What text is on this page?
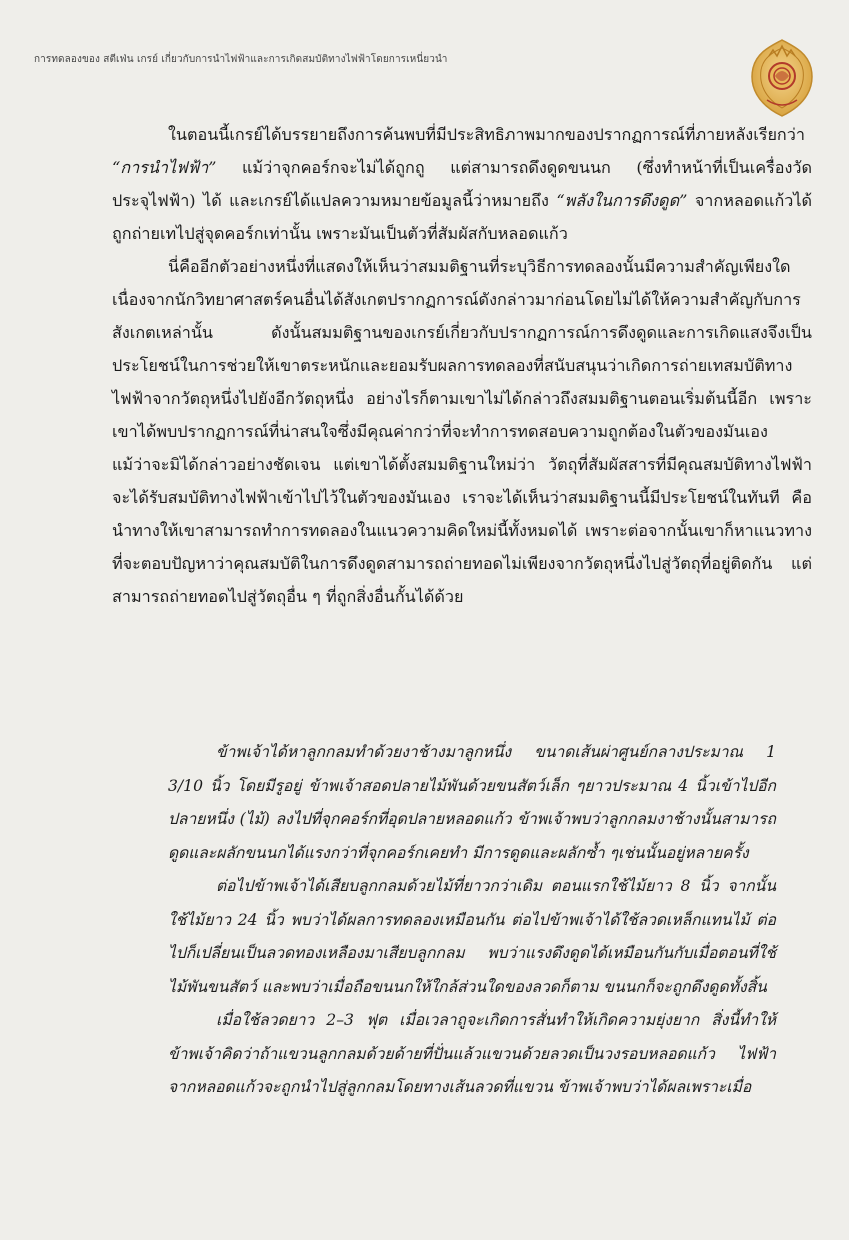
การทดลองของ สตีเฟ่น เกรย์ เกี่ยวกับการนำไฟฟ้าและการเกิดสมบัติทางไฟฟ้าโดยการเหนี่ยวนำ

ในตอนนี้เกรย์ได้บรรยายถึงการค้นพบที่มีประสิทธิภาพมากของปรากฏการณ์ที่ภายหลังเรียกว่า “การนำไฟฟ้า” แม้ว่าจุกคอร์กจะไม่ได้ถูกถู แต่สามารถดึงดูดขนนก (ซึ่งทำหน้าที่เป็นเครื่องวัดประจุไฟฟ้า) ได้ และเกรย์ได้แปลความหมายข้อมูลนี้ว่าหมายถึง “พลังในการดึงดูด” จากหลอดแก้วได้ถูกถ่ายเทไปสู่จุดคอร์กเท่านั้น เพราะมันเป็นตัวที่สัมผัสกับหลอดแก้ว

นี่คืออีกตัวอย่างหนึ่งที่แสดงให้เห็นว่าสมมติฐานที่ระบุวิธีการทดลองนั้นมีความสำคัญเพียงใด เนื่องจากนักวิทยาศาสตร์คนอื่นได้สังเกตปรากฏการณ์ดังกล่าวมาก่อนโดยไม่ได้ให้ความสำคัญกับการสังเกตเหล่านั้น ดังนั้นสมมติฐานของเกรย์เกี่ยวกับปรากฏการณ์การดึงดูดและการเกิดแสงจึงเป็นประโยชน์ในการช่วยให้เขาตระหนักและยอมรับผลการทดลองที่สนับสนุนว่าเกิดการถ่ายเทสมบัติทางไฟฟ้าจากวัตถุหนึ่งไปยังอีกวัตถุหนึ่ง อย่างไรก็ตามเขาไม่ได้กล่าวถึงสมมติฐานตอนเริ่มต้นนี้อีก เพราะเขาได้พบปรากฏการณ์ที่น่าสนใจซึ่งมีคุณค่ากว่าที่จะทำการทดสอบความถูกต้องในตัวของมันเอง แม้ว่าจะมิได้กล่าวอย่างชัดเจน แต่เขาได้ตั้งสมมติฐานใหม่ว่า วัตถุที่สัมผัสสารที่มีคุณสมบัติทางไฟฟ้าจะได้รับสมบัติทางไฟฟ้าเข้าไปไว้ในตัวของมันเอง เราจะได้เห็นว่าสมมติฐานนี้มีประโยชน์ในทันที คือนำทางให้เขาสามารถทำการทดลองในแนวความคิดใหม่นี้ทั้งหมดได้ เพราะต่อจากนั้นเขาก็หาแนวทางที่จะตอบปัญหาว่าคุณสมบัติในการดึงดูดสามารถถ่ายทอดไม่เพียงจากวัตถุหนึ่งไปสู่วัตถุที่อยู่ติดกัน แต่สามารถถ่ายทอดไปสู่วัตถุอื่น ๆ ที่ถูกสิ่งอื่นกั้นได้ด้วย

ข้าพเจ้าได้หาลูกกลมทำด้วยงาช้างมาลูกหนึ่ง ขนาดเส้นผ่าศูนย์กลางประมาณ 1 3/10 นิ้ว โดยมีรูอยู่ ข้าพเจ้าสอดปลายไม้พันด้วยขนสัตว์เล็ก ๆยาวประมาณ 4 นิ้วเข้าไปอีกปลายหนึ่ง (ไม้) ลงไปที่จุกคอร์กที่อุดปลายหลอดแก้ว ข้าพเจ้าพบว่าลูกกลมงาช้างนั้นสามารถดูดและผลักขนนกได้แรงกว่าที่จุกคอร์กเคยทำ มีการดูดและผลักซ้ำ ๆเช่นนั้นอยู่หลายครั้ง

ต่อไปข้าพเจ้าได้เสียบลูกกลมด้วยไม้ที่ยาวกว่าเดิม ตอนแรกใช้ไม้ยาว 8 นิ้ว จากนั้นใช้ไม้ยาว 24 นิ้ว พบว่าได้ผลการทดลองเหมือนกัน ต่อไปข้าพเจ้าได้ใช้ลวดเหล็กแทนไม้ ต่อไปก็เปลี่ยนเป็นลวดทองเหลืองมาเสียบลูกกลม พบว่าแรงดึงดูดได้เหมือนกันกับเมื่อตอนที่ใช้ไม้พันขนสัตว์ และพบว่าเมื่อถือขนนกให้ใกล้ส่วนใดของลวดก็ตาม ขนนกก็จะถูกดึงดูดทั้งสิ้น

เมื่อใช้ลวดยาว 2–3 ฟุต เมื่อเวลาถูจะเกิดการสั่นทำให้เกิดความยุ่งยาก สิ่งนี้ทำให้ข้าพเจ้าคิดว่าถ้าแขวนลูกกลมด้วยด้ายที่ปั่นแล้วแขวนด้วยลวดเป็นวงรอบหลอดแก้ว ไฟฟ้าจากหลอดแก้วจะถูกนำไปสู่ลูกกลมโดยทางเส้นลวดที่แขวน ข้าพเจ้าพบว่าได้ผลเพราะเมื่อ
